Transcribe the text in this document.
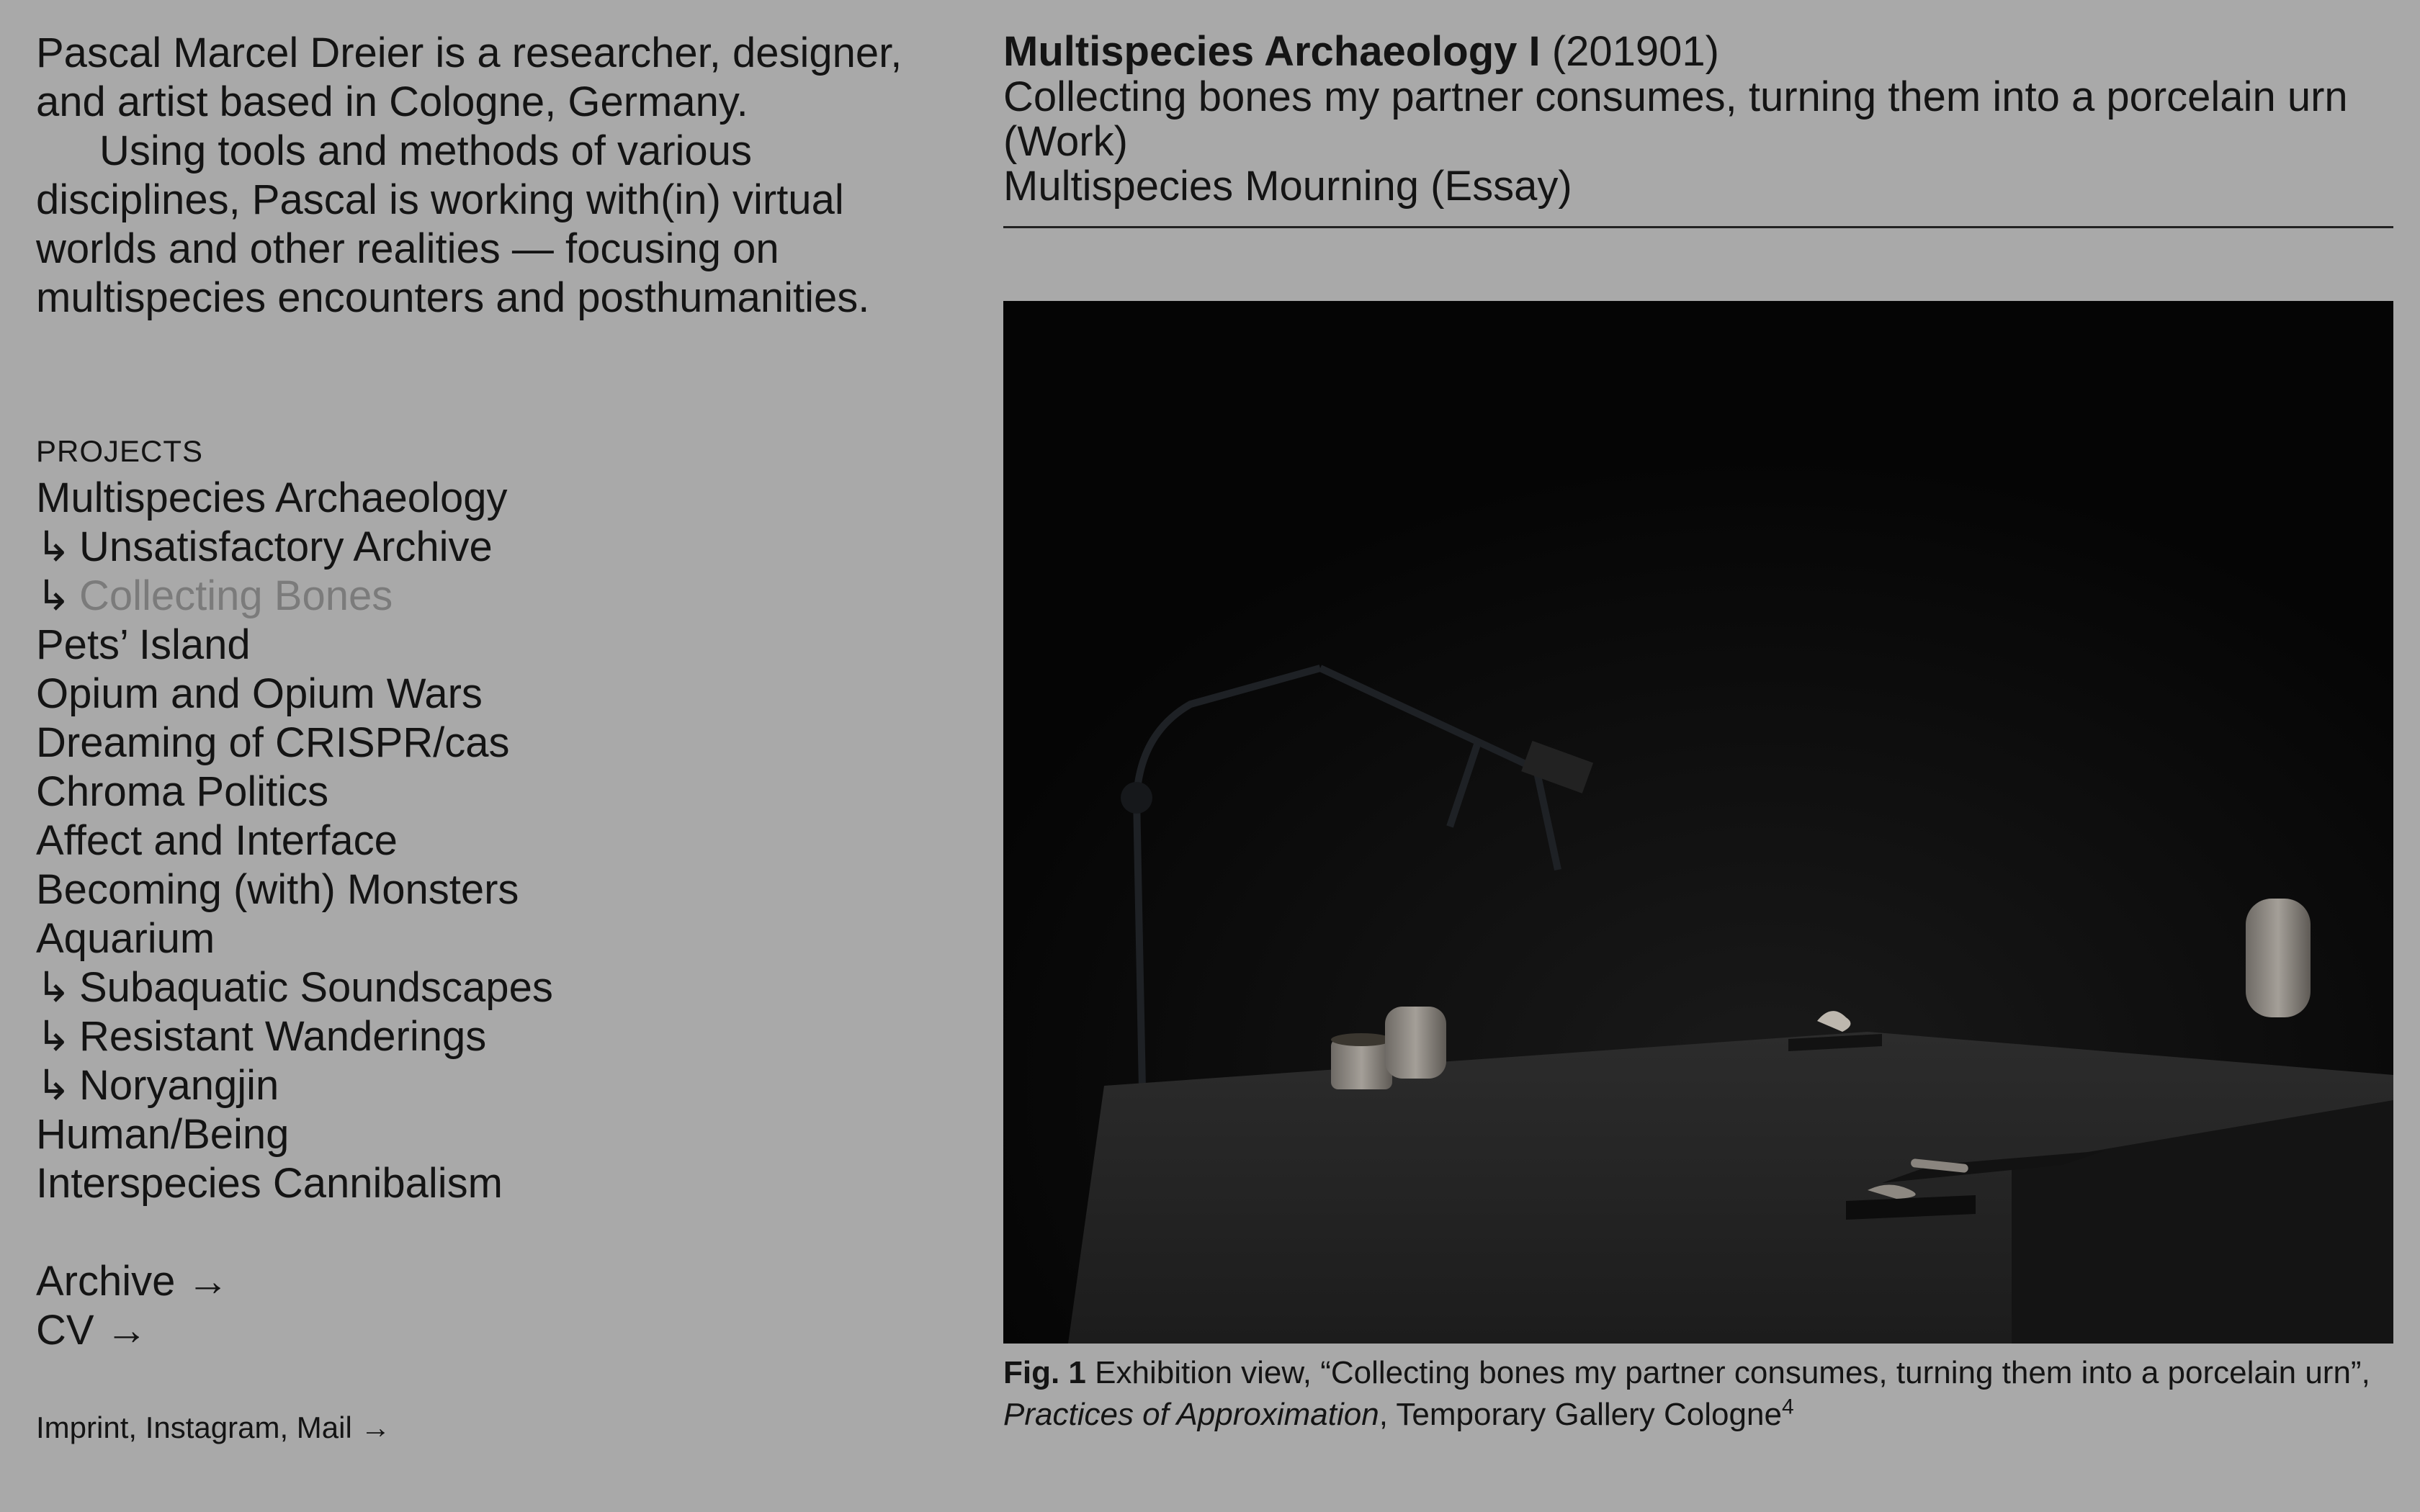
Pascal Marcel Dreier is a researcher, designer, and artist based in Cologne, Germany.
Using tools and methods of various disciplines, Pascal is working with(in) virtual worlds and other realities — focusing on multispecies encounters and posthumanities.

PROJECTS
Multispecies Archaeology
↳ Unsatisfactory Archive
↳ Collecting Bones
Pets’ Island
Opium and Opium Wars
Dreaming of CRISPR/cas
Chroma Politics
Affect and Interface
Becoming (with) Monsters
Aquarium
↳ Subaquatic Soundscapes
↳ Resistant Wanderings
↳ Noryangjin
Human/Being
Interspecies Cannibalism
Archive →
CV →
Imprint, Instagram, Mail →
Multispecies Archaeology I (201901)
Collecting bones my partner consumes, turning them into a porcelain urn (Work)
Multispecies Mourning (Essay)
Fig. 1 Exhibition view, “Collecting bones my partner consumes, turning them into a porcelain urn”, Practices of Approximation, Temporary Gallery Cologne$^4$
